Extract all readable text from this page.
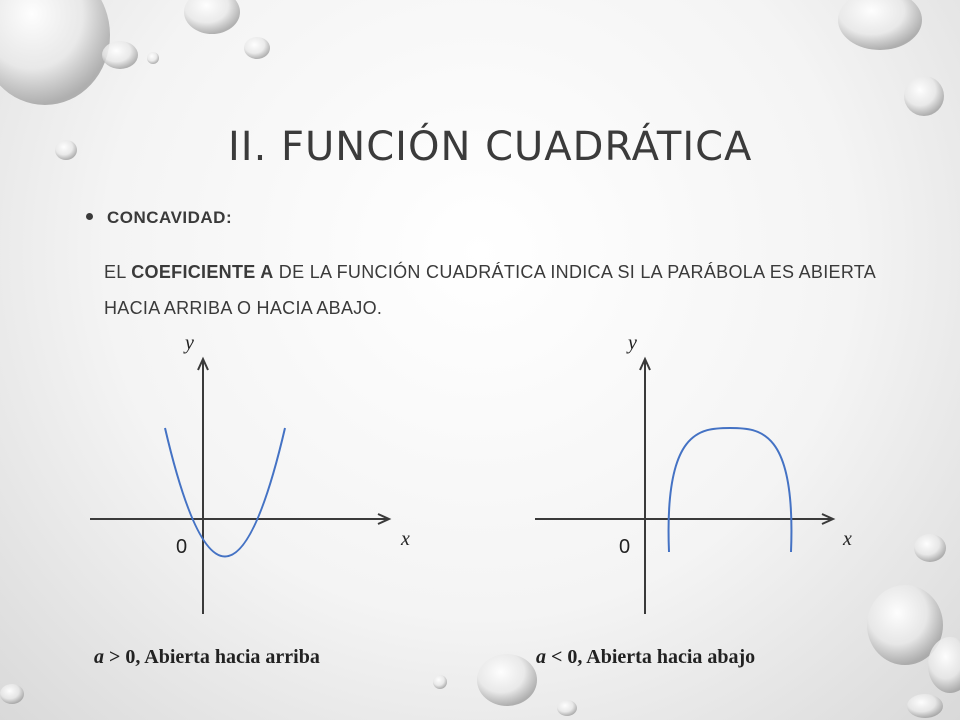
II. FUNCIÓN CUADRÁTICA
CONCAVIDAD:
EL COEFICIENTE A DE LA FUNCIÓN CUADRÁTICA INDICA SI LA PARÁBOLA ES ABIERTA HACIA ARRIBA O HACIA ABAJO.
y
x
0
y
x
0
a > 0, Abierta hacia arriba	a < 0, Abierta hacia abajo
